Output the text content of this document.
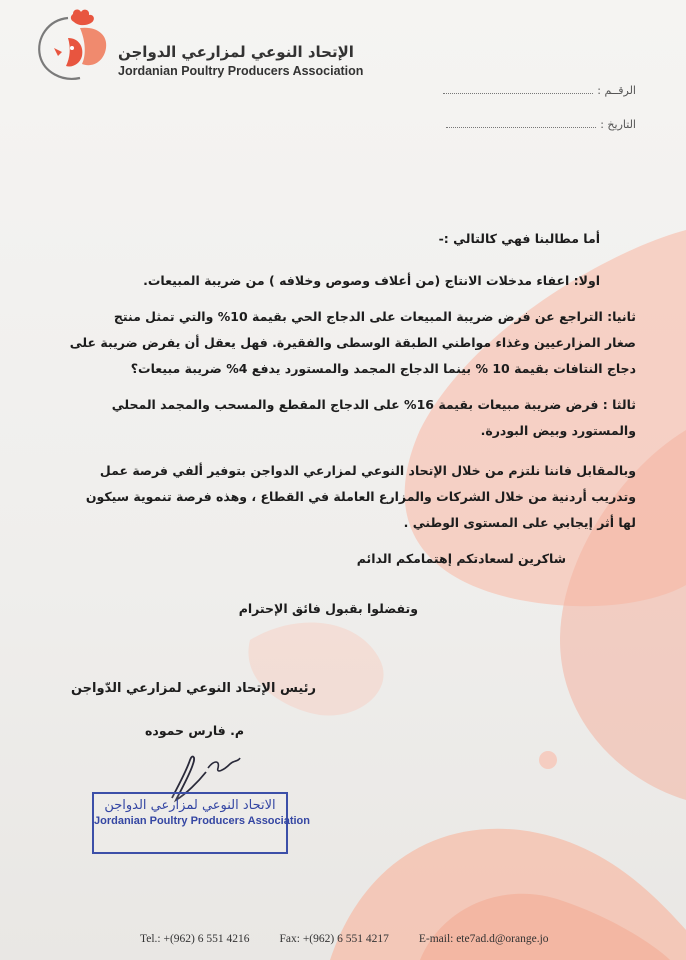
الإتحاد النوعي لمزارعي الدواجن
Jordanian Poultry Producers Association
الرقــم :
التاريخ :

أما مطالبنا فهي كالتالي :-

اولا: اعفاء مدخلات الانتاج (من أعلاف وصوص وخلافه ) من ضريبة المبيعات.

ثانيا: التراجع عن فرض ضريبة المبيعات على الدجاج الحي بقيمة 10% والتي تمثل منتج

صغار المزارعيين وغذاء مواطني الطبقة الوسطى والفقيرة. فهل يعقل أن يفرض ضريبة على

دجاج النتافات بقيمة 10 % بينما الدجاج المجمد والمستورد يدفع 4% ضريبة مبيعات؟

ثالثا : فرض ضريبة مبيعات بقيمة 16% على الدجاج المقطع والمسحب والمجمد المحلي

والمستورد وبيض البودرة.

وبالمقابل فاننا نلتزم من خلال الإتحاد النوعي لمزارعي الدواجن بتوفير ألفي فرصة عمل

وتدريب أردنية من خلال الشركات والمزارع العاملة في القطاع ، وهذه فرصة تنموية سيكون

لها أثر إيجابي على المستوى الوطني .

شاكرين لسعادتكم إهتمامكم الدائم

وتفضلوا بقبول فائق الإحترام

رئيس الإتحاد النوعي لمزارعي الدّواجن

م. فارس حموده

الاتحاد النوعي لمزارعي الدواجن
Jordanian Poultry Producers Association
Tel.: +(962) 6 551 4216	Fax: +(962) 6 551 4217	E-mail: ete7ad.d@orange.jo
